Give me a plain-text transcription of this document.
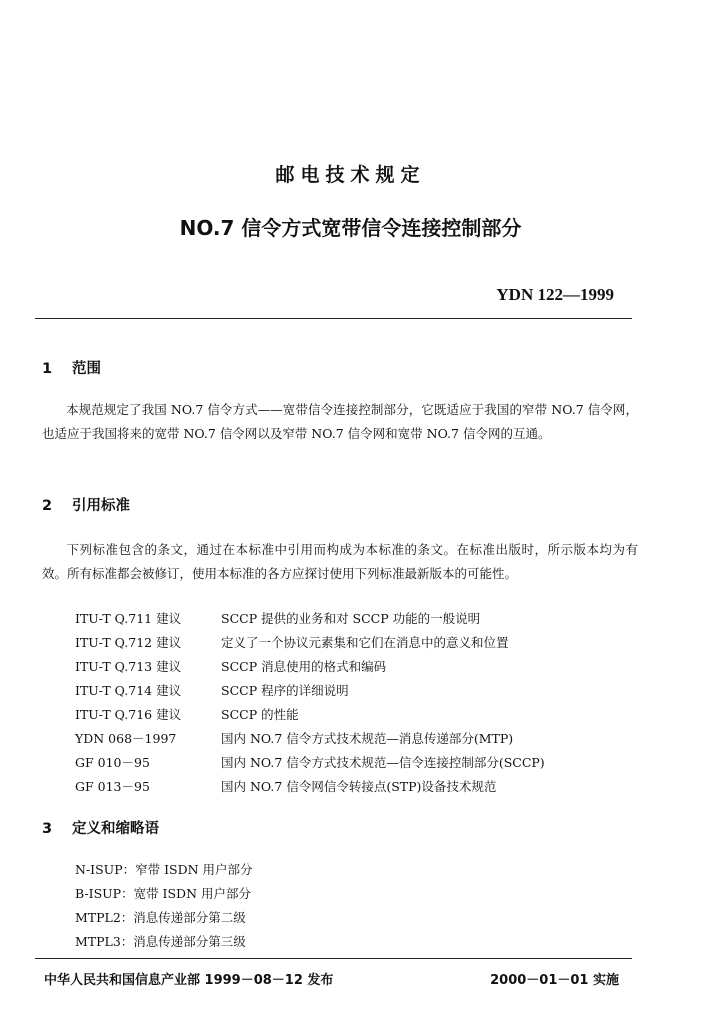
邮电技术规定
NO.7 信令方式宽带信令连接控制部分
YDN 122—1999
1 范围
本规范规定了我国 NO.7 信令方式——宽带信令连接控制部分，它既适应于我国的窄带 NO.7 信令网，也适应于我国将来的宽带 NO.7 信令网以及窄带 NO.7 信令网和宽带 NO.7 信令网的互通。
2 引用标准
下列标准包含的条文，通过在本标准中引用而构成为本标准的条文。在标准出版时，所示版本均为有效。所有标准都会被修订，使用本标准的各方应探讨使用下列标准最新版本的可能性。
ITU-T Q.711 建议	SCCP 提供的业务和对 SCCP 功能的一般说明
ITU-T Q.712 建议	定义了一个协议元素集和它们在消息中的意义和位置
ITU-T Q.713 建议	SCCP 消息使用的格式和编码
ITU-T Q.714 建议	SCCP 程序的详细说明
ITU-T Q.716 建议	SCCP 的性能
YDN 068－1997	国内 NO.7 信令方式技术规范—消息传递部分(MTP)
GF 010－95	国内 NO.7 信令方式技术规范—信令连接控制部分(SCCP)
GF 013－95	国内 NO.7 信令网信令转接点(STP)设备技术规范
3 定义和缩略语
N-ISUP：窄带 ISDN 用户部分
B-ISUP：宽带 ISDN 用户部分
MTPL2：消息传递部分第二级
MTPL3：消息传递部分第三级
中华人民共和国信息产业部 1999－08－12 发布	2000－01－01 实施
